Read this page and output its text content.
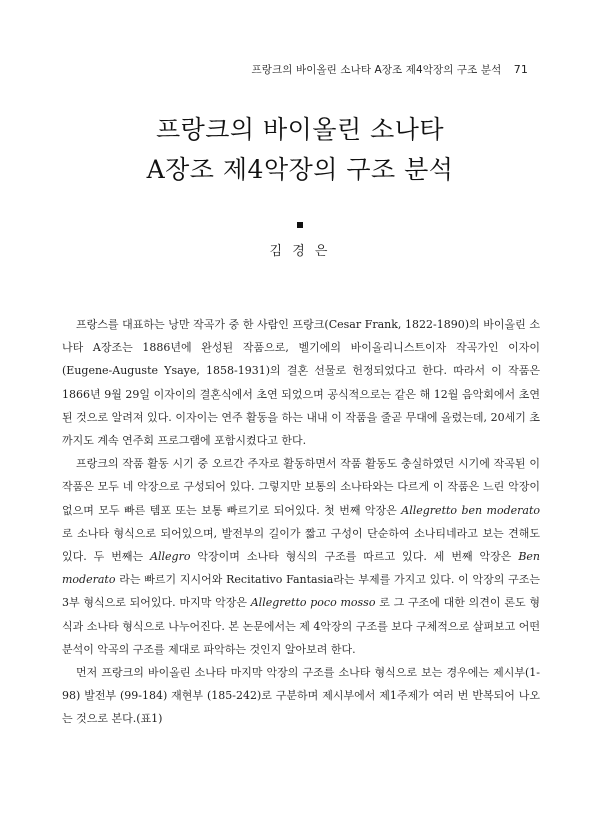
프랑크의 바이올린 소나타 A장조 제4악장의 구조 분석 71
프랑크의 바이올린 소나타
A장조 제4악장의 구조 분석
김 경 은

프랑스를 대표하는 낭만 작곡가 중 한 사람인 프랑크(Cesar Frank, 1822-1890)의 바이올린 소나타 A장조는 1886년에 완성된 작품으로, 벨기에의 바이올리니스트이자 작곡가인 이자이(Eugene-Auguste Ysaye, 1858-1931)의 결혼 선물로 헌정되었다고 한다. 따라서 이 작품은 1866년 9월 29일 이자이의 결혼식에서 초연 되었으며 공식적으로는 같은 해 12월 음악회에서 초연된 것으로 알려져 있다. 이자이는 연주 활동을 하는 내내 이 작품을 줄곧 무대에 올렸는데, 20세기 초까지도 계속 연주회 프로그램에 포함시켰다고 한다.

프랑크의 작품 활동 시기 중 오르간 주자로 활동하면서 작품 활동도 충실하였던 시기에 작곡된 이 작품은 모두 네 악장으로 구성되어 있다. 그렇지만 보통의 소나타와는 다르게 이 작품은 느린 악장이 없으며 모두 빠른 템포 또는 보통 빠르기로 되어있다. 첫 번째 악장은 Allegretto ben moderato 로 소나타 형식으로 되어있으며, 발전부의 길이가 짧고 구성이 단순하여 소나티네라고 보는 견해도 있다. 두 번째는 Allegro 악장이며 소나타 형식의 구조를 따르고 있다. 세 번째 악장은 Ben moderato 라는 빠르기 지시어와 Recitativo Fantasia라는 부제를 가지고 있다. 이 악장의 구조는 3부 형식으로 되어있다. 마지막 악장은 Allegretto poco mosso 로 그 구조에 대한 의견이 론도 형식과 소나타 형식으로 나누어진다. 본 논문에서는 제 4악장의 구조를 보다 구체적으로 살펴보고 어떤 분석이 악곡의 구조를 제대로 파악하는 것인지 알아보려 한다.

먼저 프랑크의 바이올린 소나타 마지막 악장의 구조를 소나타 형식으로 보는 경우에는 제시부(1-98) 발전부 (99-184) 재현부 (185-242)로 구분하며 제시부에서 제1주제가 여러 번 반복되어 나오는 것으로 본다.(표1)
